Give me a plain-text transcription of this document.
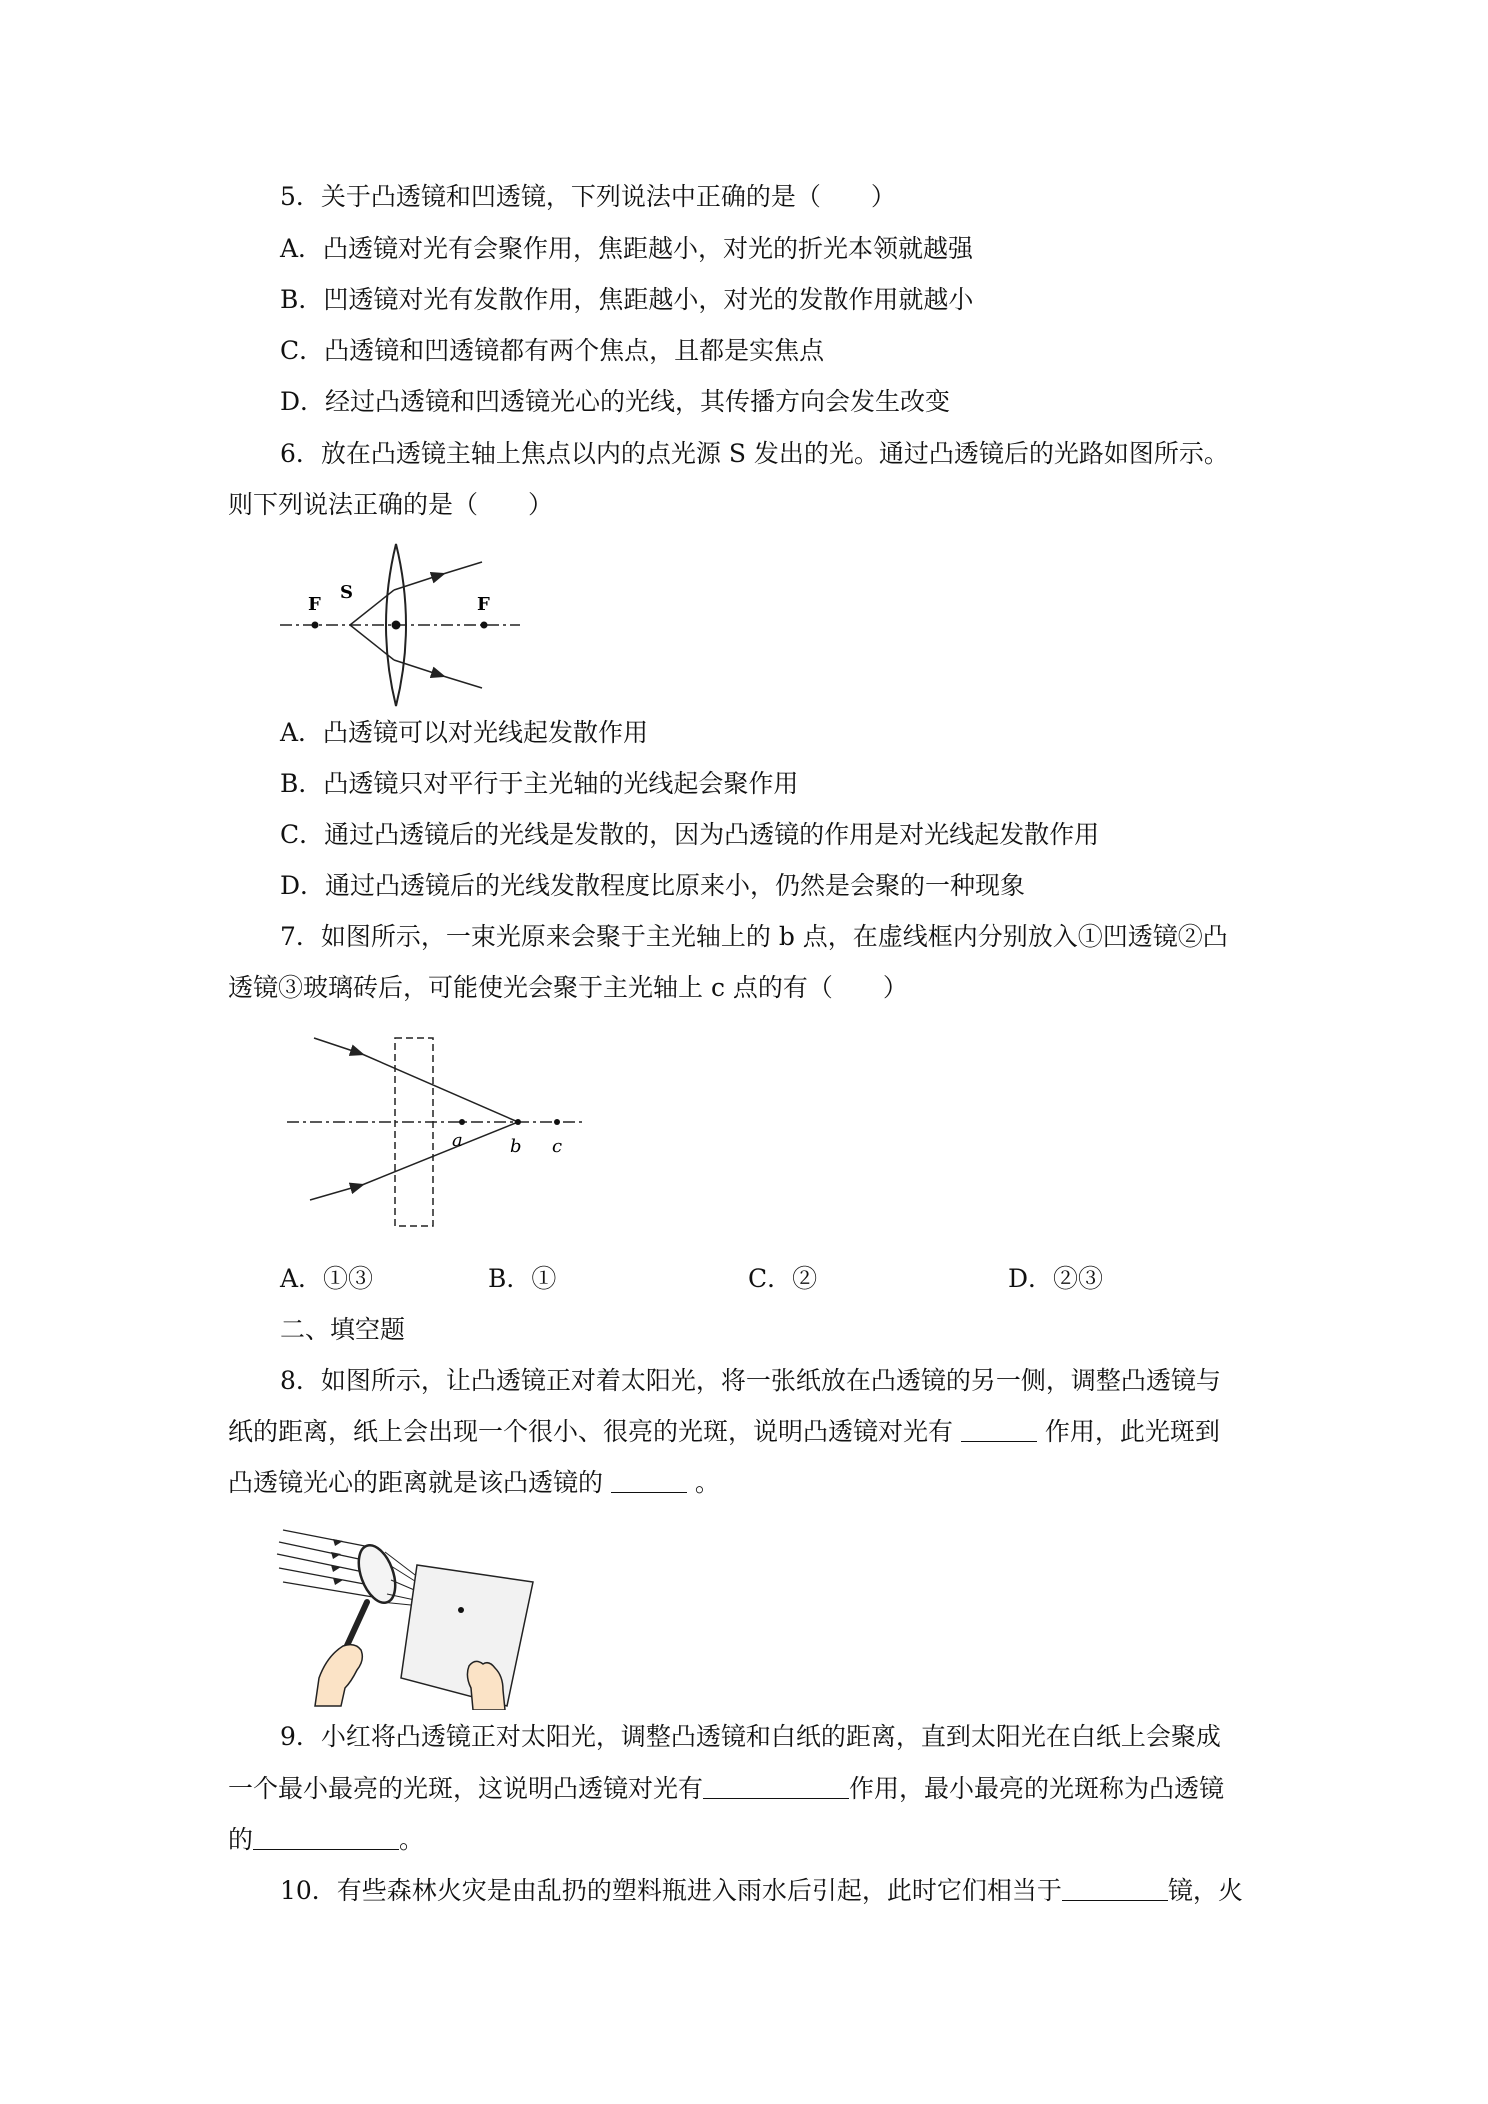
5．关于凸透镜和凹透镜，下列说法中正确的是（　　）
A．凸透镜对光有会聚作用，焦距越小，对光的折光本领就越强
B．凹透镜对光有发散作用，焦距越小，对光的发散作用就越小
C．凸透镜和凹透镜都有两个焦点，且都是实焦点
D．经过凸透镜和凹透镜光心的光线，其传播方向会发生改变
6．放在凸透镜主轴上焦点以内的点光源 S 发出的光。通过凸透镜后的光路如图所示。
则下列说法正确的是（　　）
F
S
F
A．凸透镜可以对光线起发散作用
B．凸透镜只对平行于主光轴的光线起会聚作用
C．通过凸透镜后的光线是发散的，因为凸透镜的作用是对光线起发散作用
D．通过凸透镜后的光线发散程度比原来小，仍然是会聚的一种现象
7．如图所示，一束光原来会聚于主光轴上的 b 点，在虚线框内分别放入①凹透镜②凸
透镜③玻璃砖后，可能使光会聚于主光轴上 c 点的有（　　）
a	b c
A．①③	B．①	C．②	D．②③
二、填空题
8．如图所示，让凸透镜正对着太阳光，将一张纸放在凸透镜的另一侧，调整凸透镜与
纸的距离，纸上会出现一个很小、很亮的光斑，说明凸透镜对光有	作用，此光斑到
凸透镜光心的距离就是该凸透镜的	。
9．小红将凸透镜正对太阳光，调整凸透镜和白纸的距离，直到太阳光在白纸上会聚成
一个最小最亮的光斑，这说明凸透镜对光有	作用，最小最亮的光斑称为凸透镜
的	。
10．有些森林火灾是由乱扔的塑料瓶进入雨水后引起，此时它们相当于	镜，火
